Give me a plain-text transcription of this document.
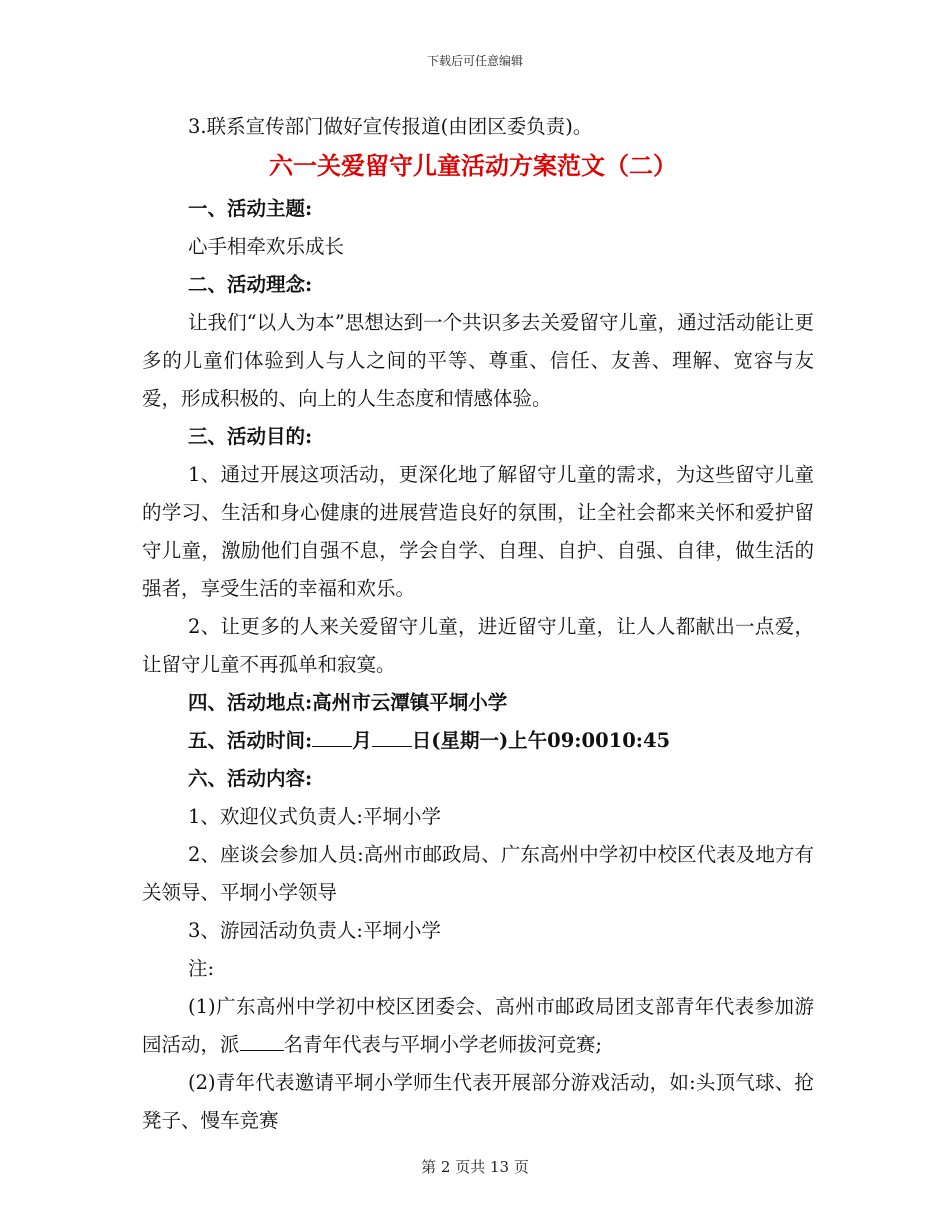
下载后可任意编辑
3.联系宣传部门做好宣传报道(由团区委负责)。
六一关爱留守儿童活动方案范文（二）
一、活动主题:
心手相牵欢乐成长
二、活动理念:
让我们“以人为本”思想达到一个共识多去关爱留守儿童，通过活动能让更多的儿童们体验到人与人之间的平等、尊重、信任、友善、理解、宽容与友爱，形成积极的、向上的人生态度和情感体验。
三、活动目的:
1、通过开展这项活动，更深化地了解留守儿童的需求，为这些留守儿童的学习、生活和身心健康的进展营造良好的氛围，让全社会都来关怀和爱护留守儿童，激励他们自强不息，学会自学、自理、自护、自强、自律，做生活的强者，享受生活的幸福和欢乐。
2、让更多的人来关爱留守儿童，进近留守儿童，让人人都献出一点爱，让留守儿童不再孤单和寂寞。
四、活动地点:高州市云潭镇平垌小学
五、活动时间: 月 日(星期一)上午09:0010:45
六、活动内容:
1、欢迎仪式负责人:平垌小学
2、座谈会参加人员:高州市邮政局、广东高州中学初中校区代表及地方有关领导、平垌小学领导
3、游园活动负责人:平垌小学
注:
(1)广东高州中学初中校区团委会、高州市邮政局团支部青年代表参加游园活动，派 名青年代表与平垌小学老师拔河竞赛;
(2)青年代表邀请平垌小学师生代表开展部分游戏活动，如:头顶气球、抢凳子、慢车竞赛
第 2 页共 13 页
